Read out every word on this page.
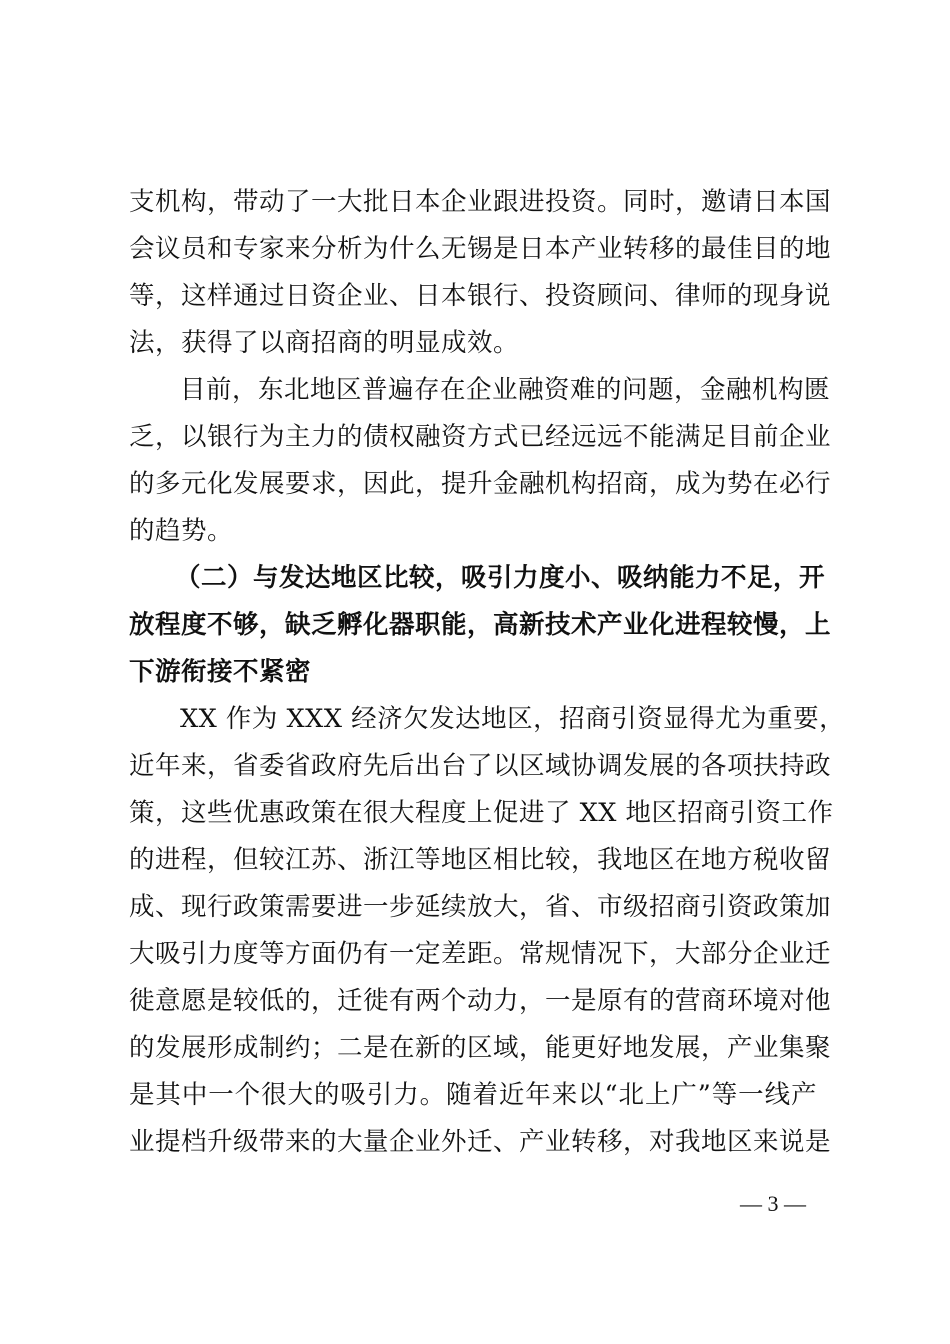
支机构，带动了一大批日本企业跟进投资。同时，邀请日本国
会议员和专家来分析为什么无锡是日本产业转移的最佳目的地
等，这样通过日资企业、日本银行、投资顾问、律师的现身说
法，获得了以商招商的明显成效。
目前，东北地区普遍存在企业融资难的问题，金融机构匮
乏，以银行为主力的债权融资方式已经远远不能满足目前企业
的多元化发展要求，因此，提升金融机构招商，成为势在必行
的趋势。
（二）与发达地区比较，吸引力度小、吸纳能力不足，开
放程度不够，缺乏孵化器职能，高新技术产业化进程较慢，上
下游衔接不紧密
XX 作为 XXX 经济欠发达地区，招商引资显得尤为重要，
近年来，省委省政府先后出台了以区域协调发展的各项扶持政
策，这些优惠政策在很大程度上促进了 XX 地区招商引资工作
的进程，但较江苏、浙江等地区相比较，我地区在地方税收留
成、现行政策需要进一步延续放大，省、市级招商引资政策加
大吸引力度等方面仍有一定差距。常规情况下，大部分企业迁
徙意愿是较低的，迁徙有两个动力，一是原有的营商环境对他
的发展形成制约；二是在新的区域，能更好地发展，产业集聚
是其中一个很大的吸引力。随着近年来以“北上广”等一线产
业提档升级带来的大量企业外迁、产业转移，对我地区来说是
— 3 —
